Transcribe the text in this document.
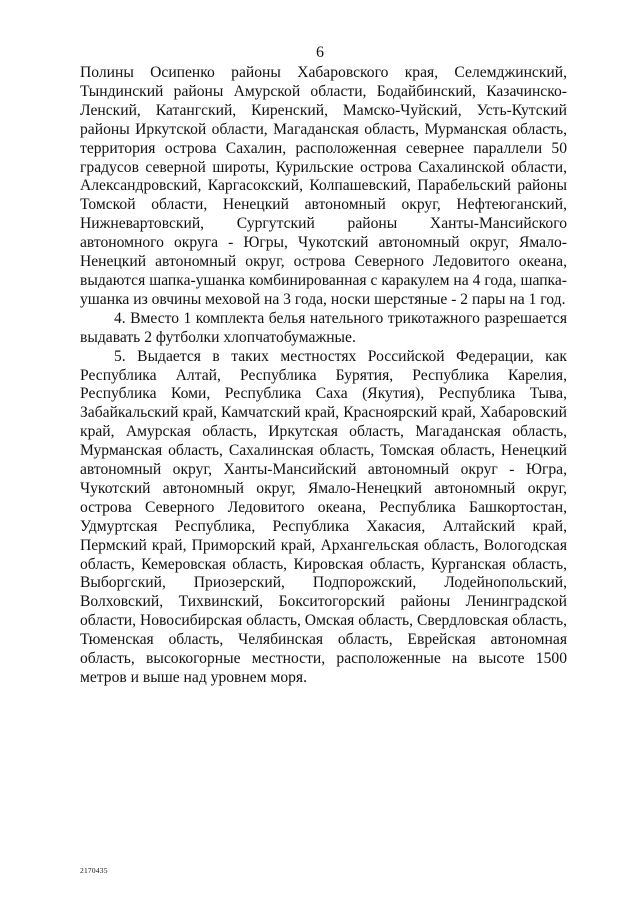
6

Полины Осипенко районы Хабаровского края, Селемджинский, Тындинский районы Амурской области, Бодайбинский, Казачинско-Ленский, Катангский, Киренский, Мамско-Чуйский, Усть-Кутский районы Иркутской области, Магаданская область, Мурманская область, территория острова Сахалин, расположенная севернее параллели 50 градусов северной широты, Курильские острова Сахалинской области, Александровский, Каргасокский, Колпашевский, Парабельский районы Томской области, Ненецкий автономный округ, Нефтеюганский, Нижневартовский, Сургутский районы Ханты-Мансийского автономного округа - Югры, Чукотский автономный округ, Ямало-Ненецкий автономный округ, острова Северного Ледовитого океана, выдаются шапка-ушанка комбинированная с каракулем на 4 года, шапка-ушанка из овчины меховой на 3 года, носки шерстяные - 2 пары на 1 год.

4. Вместо 1 комплекта белья нательного трикотажного разрешается выдавать 2 футболки хлопчатобумажные.

5. Выдается в таких местностях Российской Федерации, как Республика Алтай, Республика Бурятия, Республика Карелия, Республика Коми, Республика Саха (Якутия), Республика Тыва, Забайкальский край, Камчатский край, Красноярский край, Хабаровский край, Амурская область, Иркутская область, Магаданская область, Мурманская область, Сахалинская область, Томская область, Ненецкий автономный округ, Ханты-Мансийский автономный округ - Югра, Чукотский автономный округ, Ямало-Ненецкий автономный округ, острова Северного Ледовитого океана, Республика Башкортостан, Удмуртская Республика, Республика Хакасия, Алтайский край, Пермский край, Приморский край, Архангельская область, Вологодская область, Кемеровская область, Кировская область, Курганская область, Выборгский, Приозерский, Подпорожский, Лодейнопольский, Волховский, Тихвинский, Бокситогорский районы Ленинградской области, Новосибирская область, Омская область, Свердловская область, Тюменская область, Челябинская область, Еврейская автономная область, высокогорные местности, расположенные на высоте 1500 метров и выше над уровнем моря.

2170435
